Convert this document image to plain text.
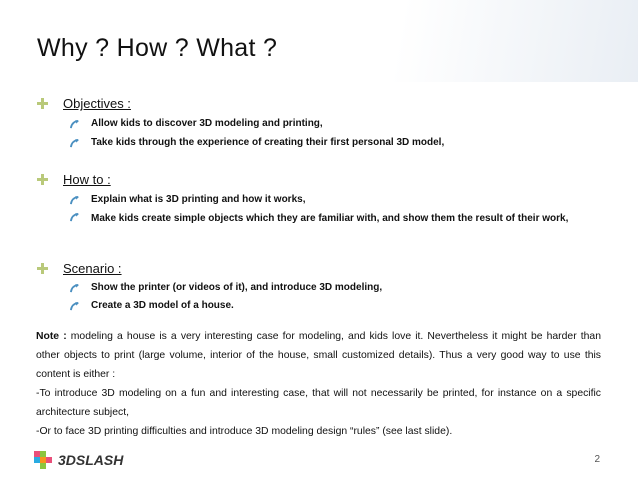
Why ? How ? What ?
Objectives :
Allow kids to discover 3D modeling and printing,
Take kids through the experience of creating their first personal 3D model,
How to :
Explain what is 3D printing and how it works,
Make kids create simple objects which they are familiar with, and show them the result of their work,
Scenario :
Show the printer (or videos of it), and introduce 3D modeling,
Create a 3D model of a house.

Note : modeling a house is a very interesting case for modeling, and kids love it. Nevertheless it might be harder than other objects to print (large volume, interior of the house, small customized details). Thus a very good way to use this content is either :

-To introduce 3D modeling on a fun and interesting case, that will not necessarily be printed, for instance on a specific architecture subject,

-Or to face 3D printing difficulties and introduce 3D modeling design “rules” (see last slide).

3DSLASH	2
